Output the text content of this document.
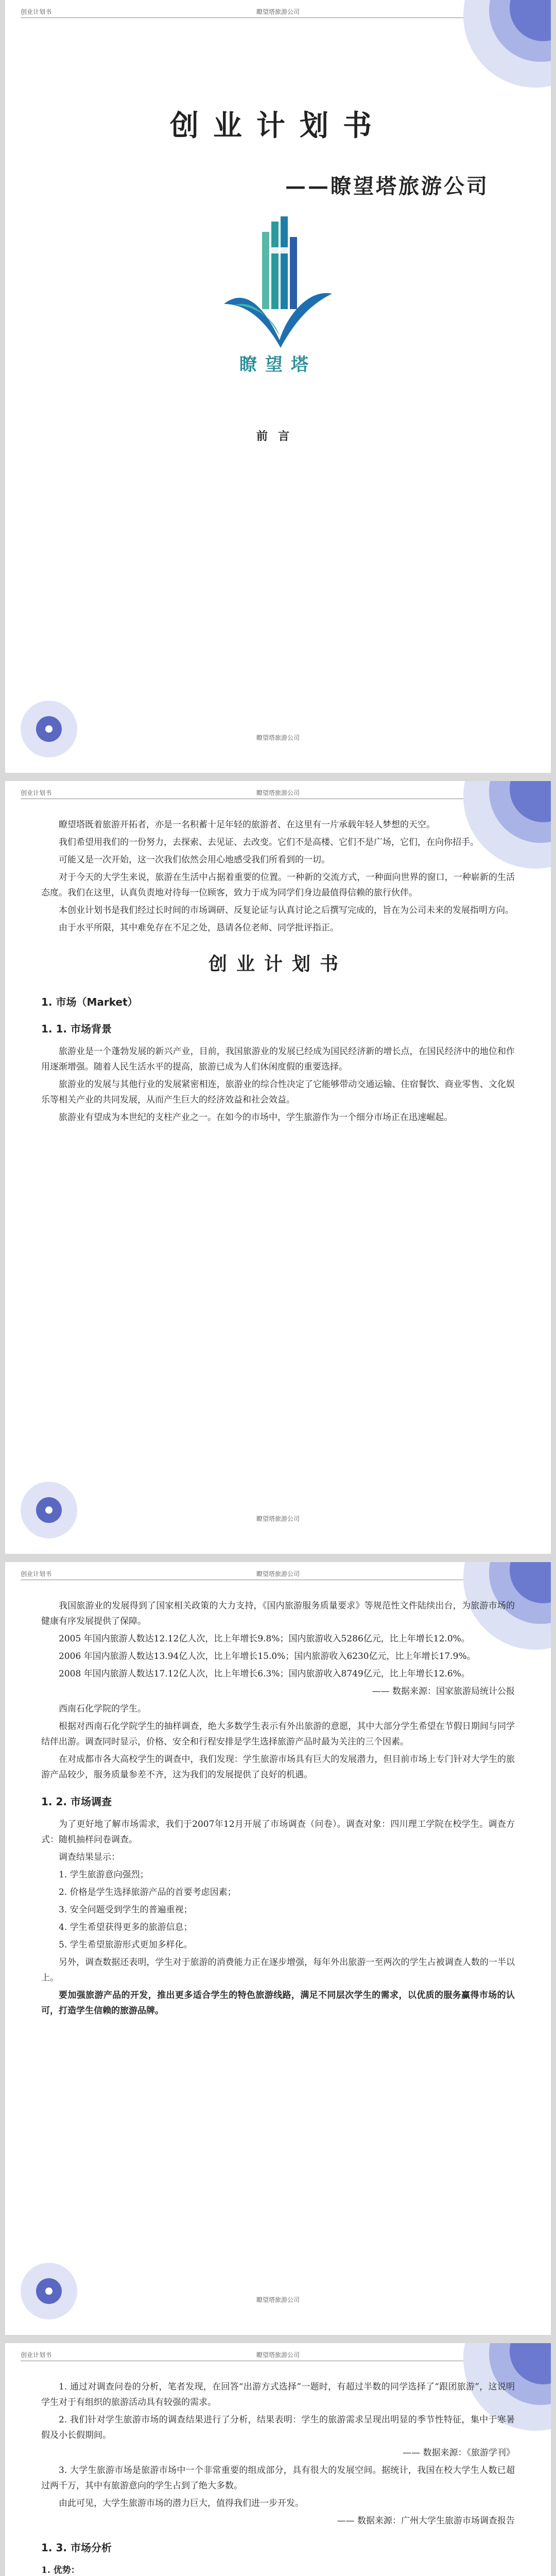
创业计划书	瞭望塔旅游公司
创业计划书
——瞭望塔旅游公司
瞭望塔
前言
瞭望塔旅游公司
创业计划书	瞭望塔旅游公司

瞭望塔既着旅游开拓者，亦是一名积蓄十足年轻的旅游者、在这里有一片承载年轻人梦想的天空。

我们希望用我们的一份努力，去探索、去见证、去改变。它们不是高楼、它们不是广场，它们，在向你招手。

可能又是一次开始，这一次我们依然会用心地感受我们所看到的一切。

对于今天的大学生来说，旅游在生活中占据着重要的位置。一种新的交流方式，一种面向世界的窗口，一种崭新的生活态度。我们在这里，认真负责地对待每一位顾客，致力于成为同学们身边最值得信赖的旅行伙伴。

本创业计划书是我们经过长时间的市场调研、反复论证与认真讨论之后撰写完成的，旨在为公司未来的发展指明方向。

由于水平所限，其中难免存在不足之处，恳请各位老师、同学批评指正。

创业计划书
1. 市场（Market）
1. 1. 市场背景

旅游业是一个蓬勃发展的新兴产业，目前，我国旅游业的发展已经成为国民经济新的增长点，在国民经济中的地位和作用逐渐增强。随着人民生活水平的提高，旅游已成为人们休闲度假的重要选择。

旅游业的发展与其他行业的发展紧密相连，旅游业的综合性决定了它能够带动交通运输、住宿餐饮、商业零售、文化娱乐等相关产业的共同发展，从而产生巨大的经济效益和社会效益。

旅游业有望成为本世纪的支柱产业之一。在如今的市场中，学生旅游作为一个细分市场正在迅速崛起。

瞭望塔旅游公司
创业计划书	瞭望塔旅游公司

我国旅游业的发展得到了国家相关政策的大力支持，《国内旅游服务质量要求》等规范性文件陆续出台，为旅游市场的健康有序发展提供了保障。

2005 年国内旅游人数达12.12亿人次，比上年增长9.8%；国内旅游收入5286亿元，比上年增长12.0%。

2006 年国内旅游人数达13.94亿人次，比上年增长15.0%；国内旅游收入6230亿元，比上年增长17.9%。

2008 年国内旅游人数达17.12亿人次，比上年增长6.3%；国内旅游收入8749亿元，比上年增长12.6%。

—— 数据来源：国家旅游局统计公报

西南石化学院的学生。

根据对西南石化学院学生的抽样调查，绝大多数学生表示有外出旅游的意愿，其中大部分学生希望在节假日期间与同学结伴出游。调查同时显示，价格、安全和行程安排是学生选择旅游产品时最为关注的三个因素。

在对成都市各大高校学生的调查中，我们发现：学生旅游市场具有巨大的发展潜力，但目前市场上专门针对大学生的旅游产品较少，服务质量参差不齐，这为我们的发展提供了良好的机遇。

1. 2. 市场调查

为了更好地了解市场需求，我们于2007年12月开展了市场调查（问卷）。调查对象：四川理工学院在校学生。调查方式：随机抽样问卷调查。

调查结果显示：

1. 学生旅游意向强烈；

2. 价格是学生选择旅游产品的首要考虑因素；

3. 安全问题受到学生的普遍重视；

4. 学生希望获得更多的旅游信息；

5. 学生希望旅游形式更加多样化。

另外，调查数据还表明，学生对于旅游的消费能力正在逐步增强，每年外出旅游一至两次的学生占被调查人数的一半以上。

要加强旅游产品的开发，推出更多适合学生的特色旅游线路，满足不同层次学生的需求，以优质的服务赢得市场的认可，打造学生信赖的旅游品牌。

瞭望塔旅游公司
创业计划书	瞭望塔旅游公司

1. 通过对调查问卷的分析，笔者发现，在回答“出游方式选择”一题时，有超过半数的同学选择了“跟团旅游”，这说明学生对于有组织的旅游活动具有较强的需求。

2. 我们针对学生旅游市场的调查结果进行了分析，结果表明：学生的旅游需求呈现出明显的季节性特征，集中于寒暑假及小长假期间。

—— 数据来源：《旅游学刊》

3. 大学生旅游市场是旅游市场中一个非常重要的组成部分，具有很大的发展空间。据统计，我国在校大学生人数已超过两千万，其中有旅游意向的学生占到了绝大多数。

由此可见，大学生旅游市场的潜力巨大，值得我们进一步开发。

—— 数据来源：广州大学生旅游市场调查报告

1. 3. 市场分析

1. 优势：
